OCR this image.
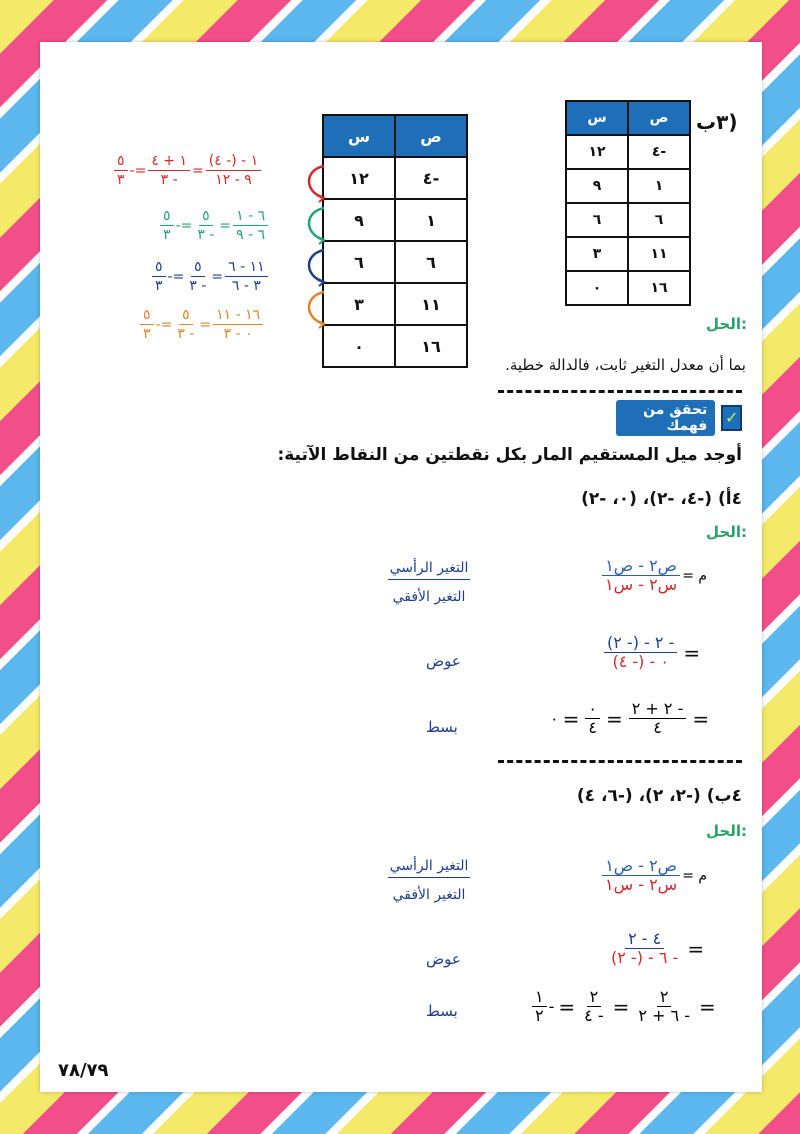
٣ب)
س	ص
١٢	٤-
٩	١
٦	٦
٣	١١
٠	١٦
س	ص
١٢	٤-
٩	١
٦	٦
٣	١١
٠	١٦
$\frac{١ - (- ٤)}{٩ - ١٢}$
=
$\frac{١ + ٤}{- ٣}$
=
-
$\frac{٥}{٣}$
$\frac{٦ - ١}{٦ - ٩}$
=
$\frac{٥}{- ٣}$
=
-
$\frac{٥}{٣}$
$\frac{١١ - ٦}{٣ - ٦}$
=
$\frac{٥}{- ٣}$
=
-
$\frac{٥}{٣}$
$\frac{١٦ - ١١}{٠ - ٣}$
=
$\frac{٥}{- ٣}$
=
-
$\frac{٥}{٣}$	الحل:
بما أن معدل التغير ثابت، فالدالة خطية.
✓
تحقق من فهمك
أوجد ميل المستقيم المار بكل نقطتين من النقاط الآتية:
٤أ) (-٤، -٢)، (٠، -٢)
الحل:
م =
$\frac{\text{ص٢ - ص١}}{\text{س٢ - س١}}$
التغير الرأسي
التغير الأفقي
=
$\frac{- ٢ - (- ٢)}{٠ - (- ٤)}$
عوض
=
$\frac{- ٢ + ٢}{٤}$
=
$\frac{٠}{٤}$
=
٠
بسط
٤ب) (-٢، ٢)، (-٦، ٤)
الحل:
م =
$\frac{\text{ص٢ - ص١}}{\text{س٢ - س١}}$
التغير الرأسي
التغير الأفقي
=
$\frac{٤ - ٢}{- ٦ - (- ٢)}$
عوض
=
$\frac{٢}{- ٦ + ٢}$
=
$\frac{٢}{- ٤}$
=
-
$\frac{١}{٢}$
بسط
٧٨/٧٩
